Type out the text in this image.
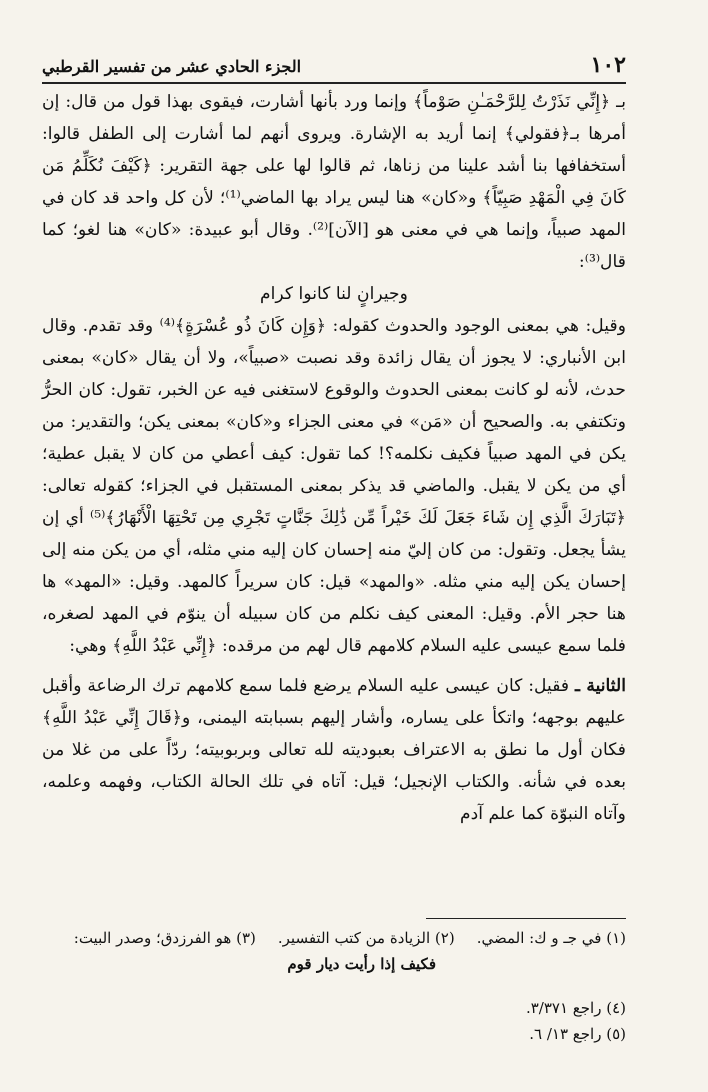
١٠٢
الجزء الحادي عشر من تفسير القرطبي

بـ ﴿إِنِّي نَذَرْتُ لِلرَّحْمَـٰنِ صَوْماً﴾ وإنما ورد بأنها أشارت، فيقوى بهذا قول من قال: إن أمرها بـ﴿فقولي﴾ إنما أريد به الإشارة. ويروى أنهم لما أشارت إلى الطفل قالوا: أستخفافها بنا أشد علينا من زناها، ثم قالوا لها على جهة التقرير: ﴿كَيْفَ نُكَلِّمُ مَن كَانَ فِي الْمَهْدِ صَبِيّاً﴾ و«كان» هنا ليس يراد بها الماضي⁽¹⁾؛ لأن كل واحد قد كان في المهد صبياً، وإنما هي في معنى هو [الآن]⁽²⁾. وقال أبو عبيدة: «كان» هنا لغو؛ كما قال⁽³⁾:

وجيرانٍ لنا كانوا كرام

وقيل: هي بمعنى الوجود والحدوث كقوله: ﴿وَإِن كَانَ ذُو عُسْرَةٍ﴾⁽⁴⁾ وقد تقدم. وقال ابن الأنباري: لا يجوز أن يقال زائدة وقد نصبت «صبياً»، ولا أن يقال «كان» بمعنى حدث، لأنه لو كانت بمعنى الحدوث والوقوع لاستغنى فيه عن الخبر، تقول: كان الحرُّ وتكتفي به. والصحيح أن «مَن» في معنى الجزاء و«كان» بمعنى يكن؛ والتقدير: من يكن في المهد صبياً فكيف نكلمه؟! كما تقول: كيف أعطي من كان لا يقبل عطية؛ أي من يكن لا يقبل. والماضي قد يذكر بمعنى المستقبل في الجزاء؛ كقوله تعالى: ﴿تَبَارَكَ الَّذِي إِن شَاءَ جَعَلَ لَكَ خَيْراً مِّن ذَٰلِكَ جَنَّاتٍ تَجْرِي مِن تَحْتِهَا الْأَنْهَارُ﴾⁽⁵⁾ أي إن يشأ يجعل. وتقول: من كان إليّ منه إحسان كان إليه مني مثله، أي من يكن منه إلى إحسان يكن إليه مني مثله. «والمهد» قيل: كان سريراً كالمهد. وقيل: «المهد» ها هنا حجر الأم. وقيل: المعنى كيف نكلم من كان سبيله أن ينوّم في المهد لصغره، فلما سمع عيسى عليه السلام كلامهم قال لهم من مرقده: ﴿إِنِّي عَبْدُ اللَّهِ﴾ وهي:

الثانية ـ فقيل: كان عيسى عليه السلام يرضع فلما سمع كلامهم ترك الرضاعة وأقبل عليهم بوجهه؛ واتكأ على يساره، وأشار إليهم بسبابته اليمنى، و﴿قَالَ إِنِّي عَبْدُ اللَّهِ﴾ فكان أول ما نطق به الاعتراف بعبوديته لله تعالى وبربوبيته؛ ردّاً على من غلا من بعده في شأنه. والكتاب الإنجيل؛ قيل: آتاه في تلك الحالة الكتاب، وفهمه وعلمه، وآتاه النبوّة كما علم آدم

(١) في جـ و ك: المضي.
(٢) الزيادة من كتب التفسير.
(٣) هو الفرزدق؛ وصدر البيت:
فكيف إذا رأيت ديار قوم
(٤) راجع ٣/٣٧١.
(٥) راجع ١٣/ ٦.
